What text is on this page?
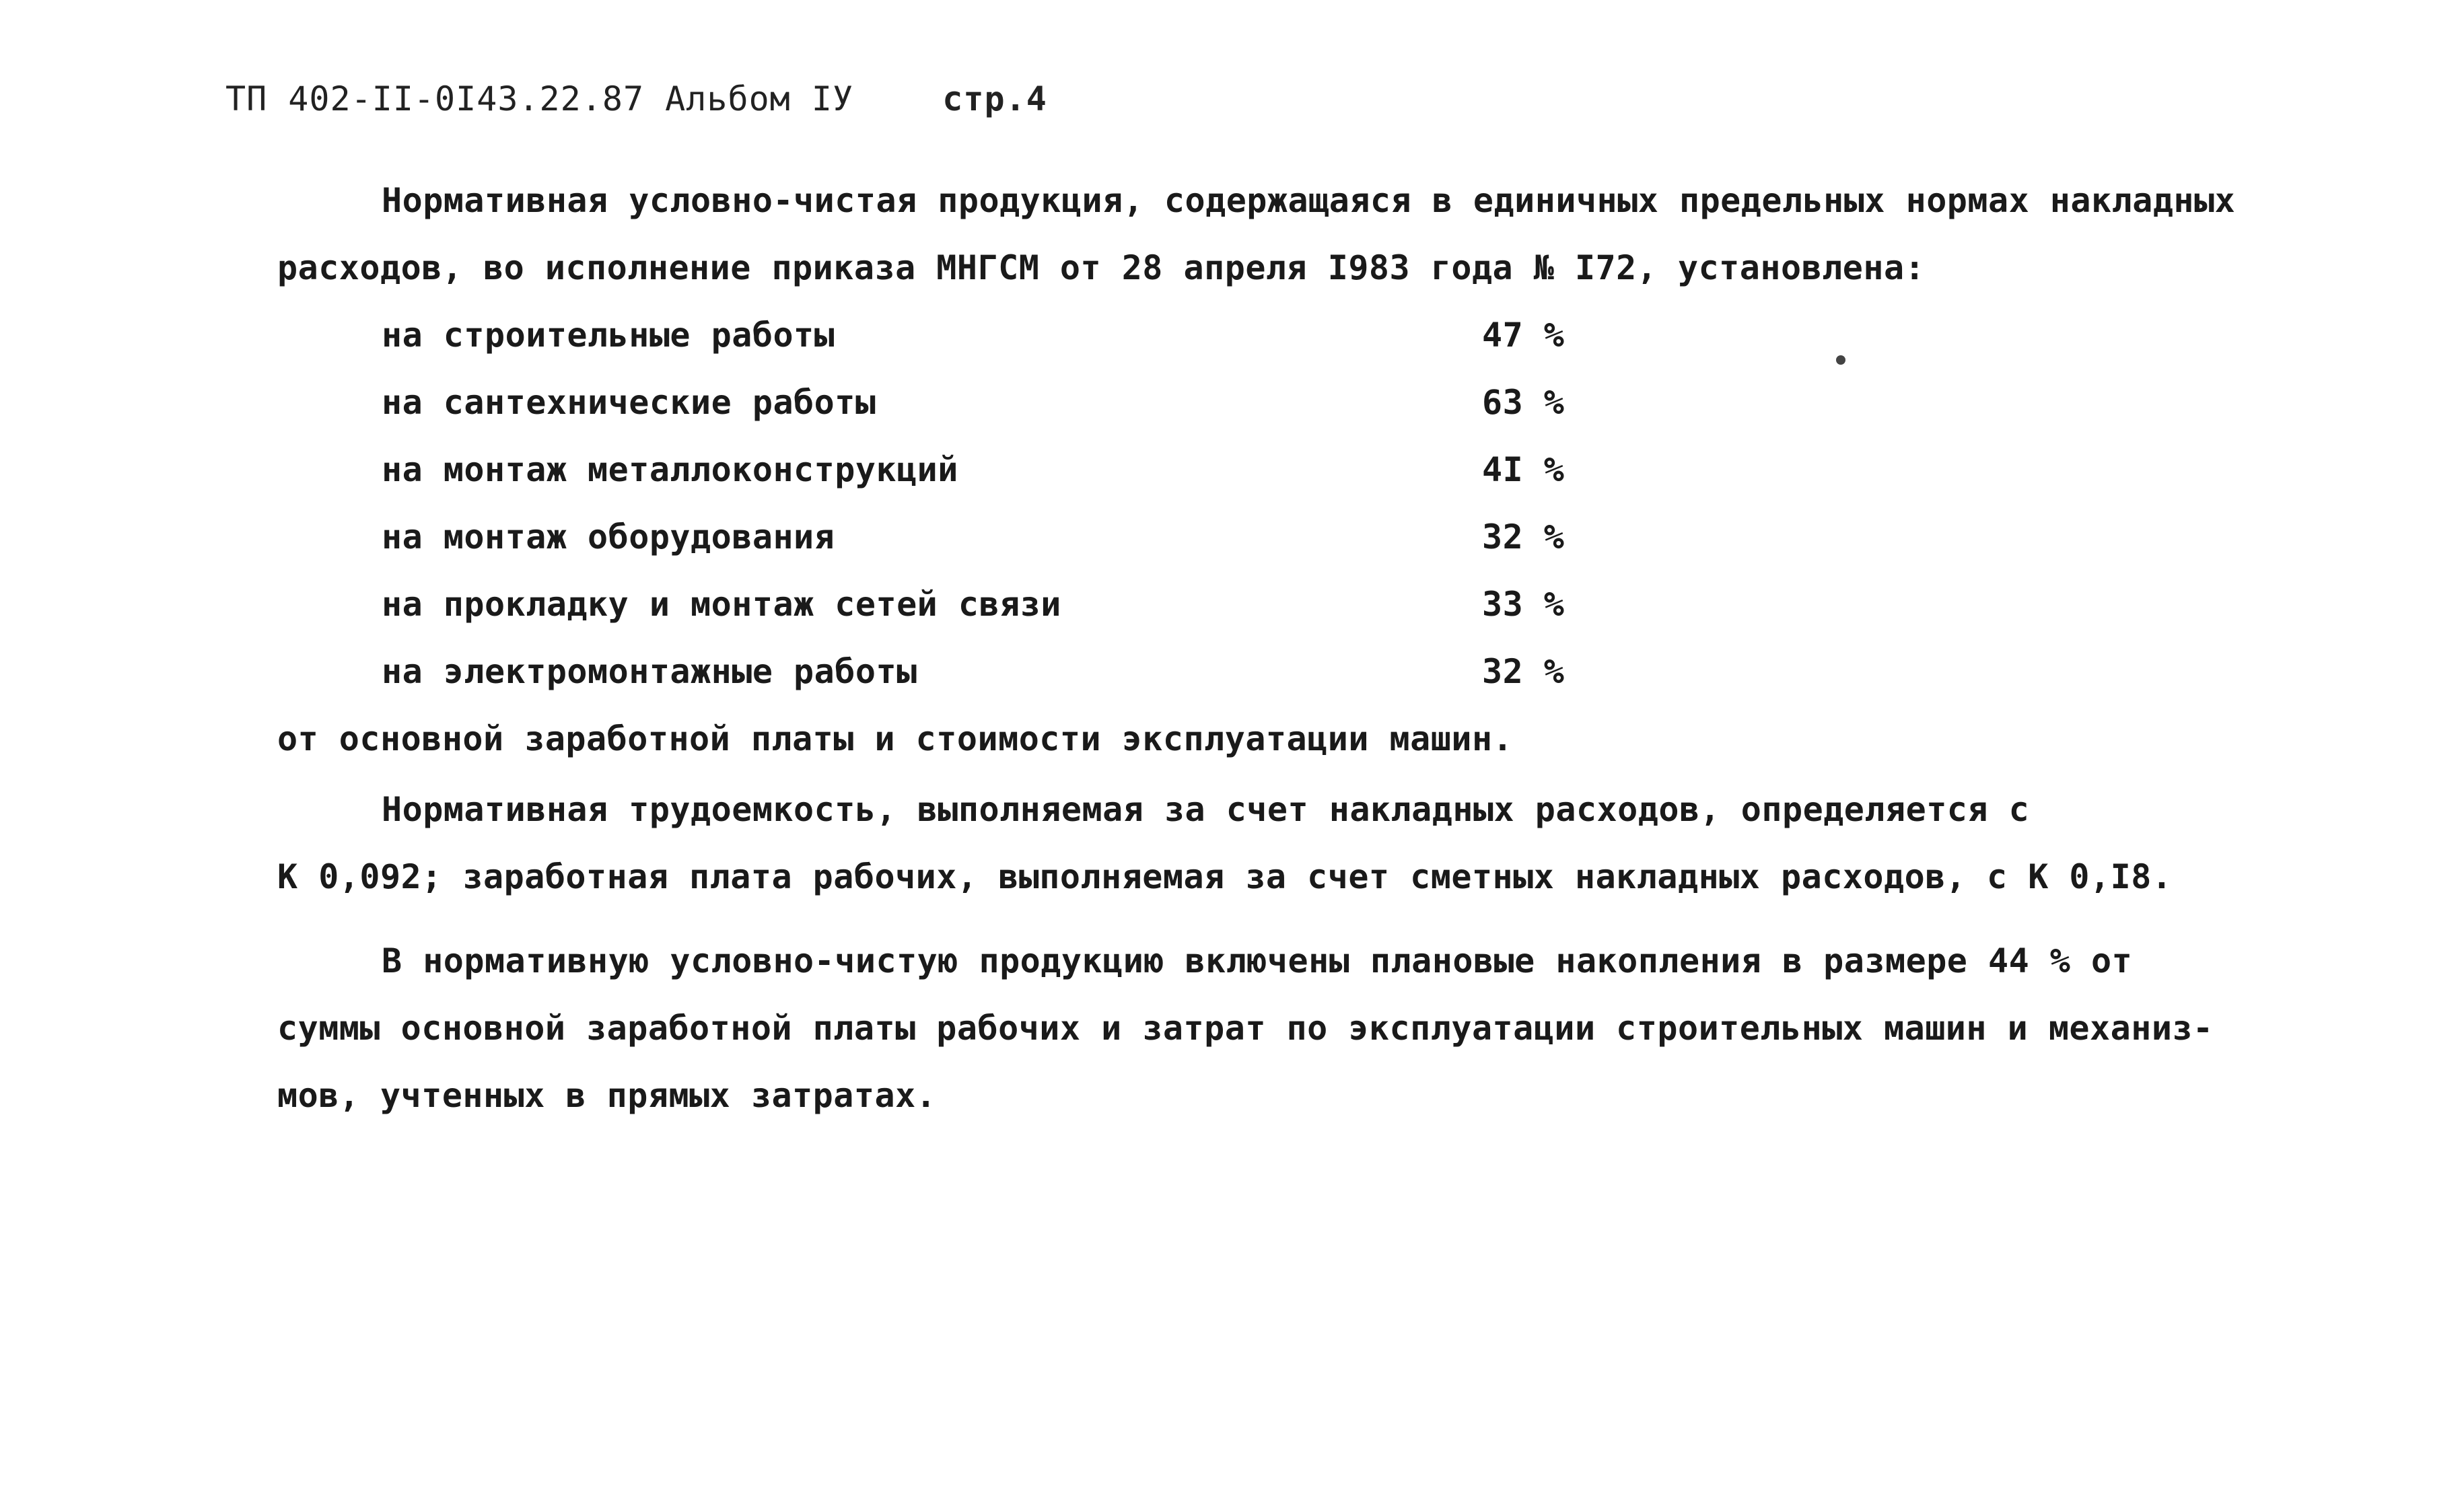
ТП 402-II-0I43.22.87 Альбом IУ	стр.4

Нормативная условно-чистая продукция, содержащаяся в единичных предельных нормах накладных
расходов, во исполнение приказа МНГСМ от 28 апреля I983 года № I72, установлена:

на строительные работы	47 %
на сантехнические работы	63 %
на монтаж металлоконструкций	4I %
на монтаж оборудования	32 %
на прокладку и монтаж сетей связи	33 %
на электромонтажные работы	32 %

от основной заработной платы и стоимости эксплуатации машин.

Нормативная трудоемкость, выполняемая за счет накладных расходов, определяется с
К 0,092; заработная плата рабочих, выполняемая за счет сметных накладных расходов, с К 0,I8.

В нормативную условно-чистую продукцию включены плановые накопления в размере 44 % от
суммы основной заработной платы рабочих и затрат по эксплуатации строительных машин и механиз-
мов, учтенных в прямых затратах.
